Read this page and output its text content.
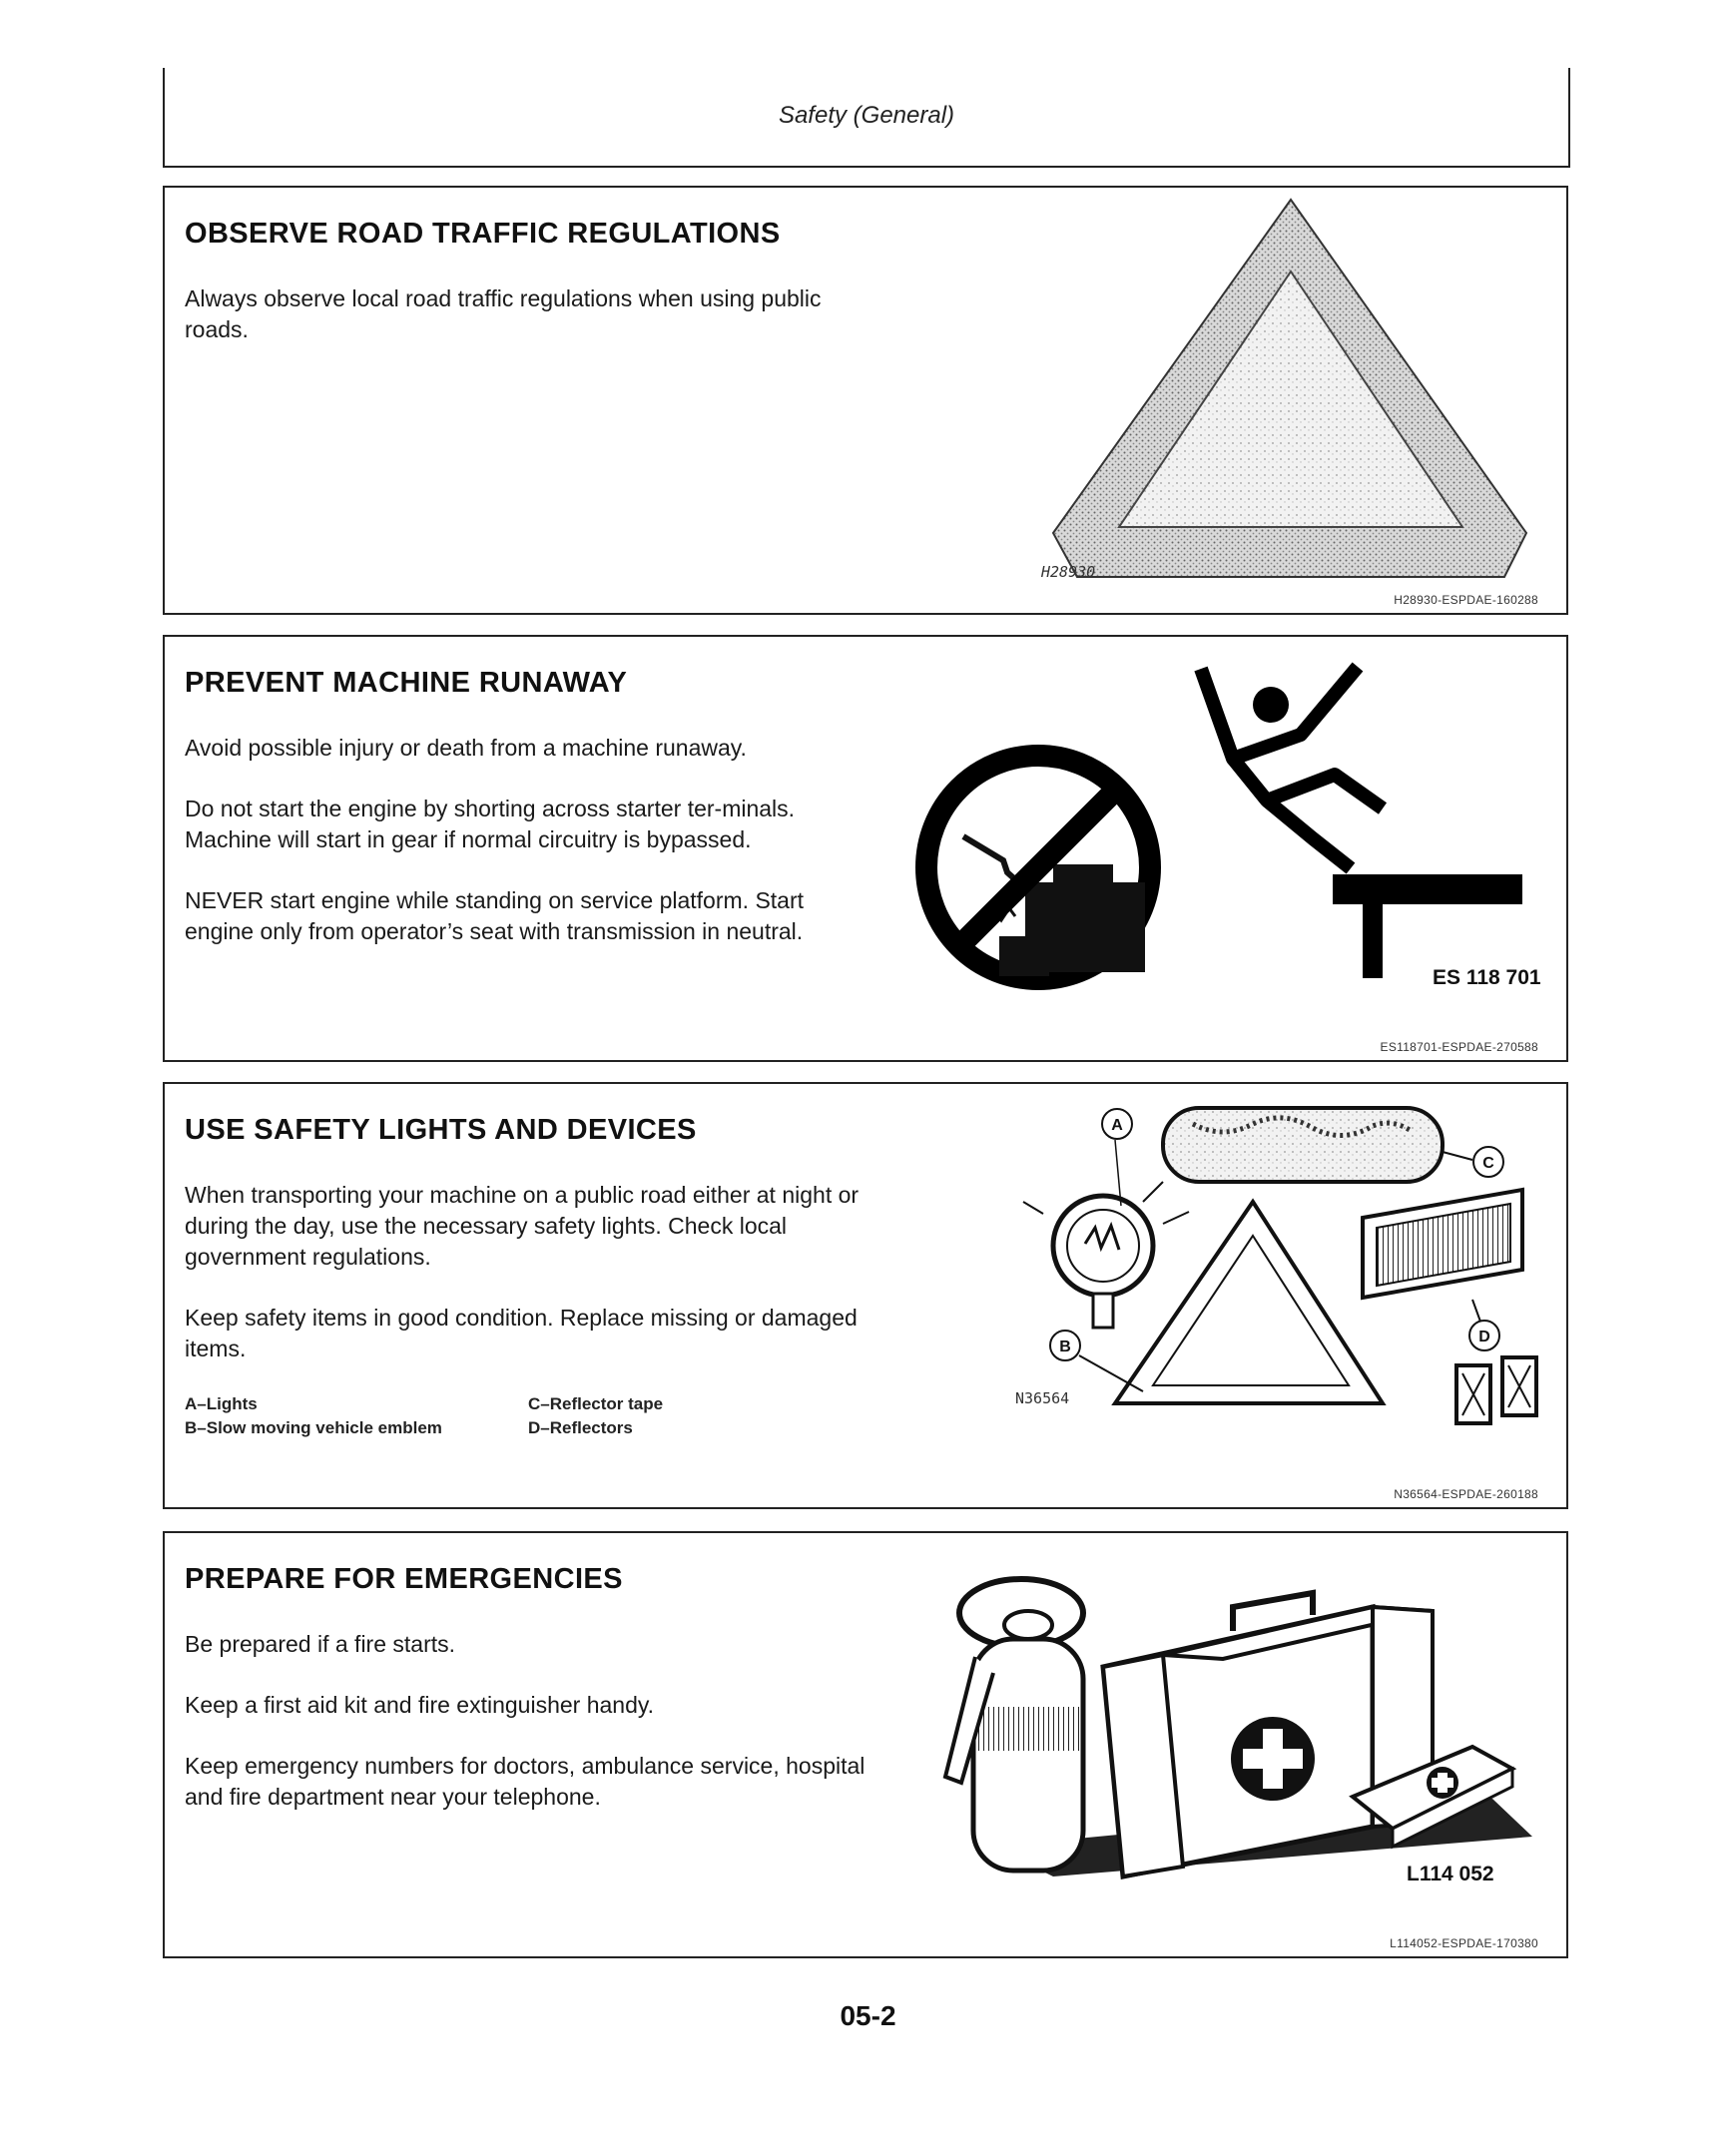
Safety (General)
OBSERVE ROAD TRAFFIC REGULATIONS

Always observe local road traffic regulations when using public roads.

H28930
H28930-ESPDAE-160288
PREVENT MACHINE RUNAWAY

Avoid possible injury or death from a machine runaway.

Do not start the engine by shorting across starter ter-minals. Machine will start in gear if normal circuitry is bypassed.

NEVER start engine while standing on service platform. Start engine only from operator’s seat with transmission in neutral.

ES 118 701
ES118701-ESPDAE-270588
USE SAFETY LIGHTS AND DEVICES

When transporting your machine on a public road either at night or during the day, use the necessary safety lights. Check local government regulations.

Keep safety items in good condition. Replace missing or damaged items.

A–Lights	C–Reflector tape
B–Slow moving vehicle emblem	D–Reflectors
A
C
B
D
N36564
N36564-ESPDAE-260188
PREPARE FOR EMERGENCIES

Be prepared if a fire starts.

Keep a first aid kit and fire extinguisher handy.

Keep emergency numbers for doctors, ambulance service, hospital and fire department near your telephone.

L114 052
L114052-ESPDAE-170380
05-2
